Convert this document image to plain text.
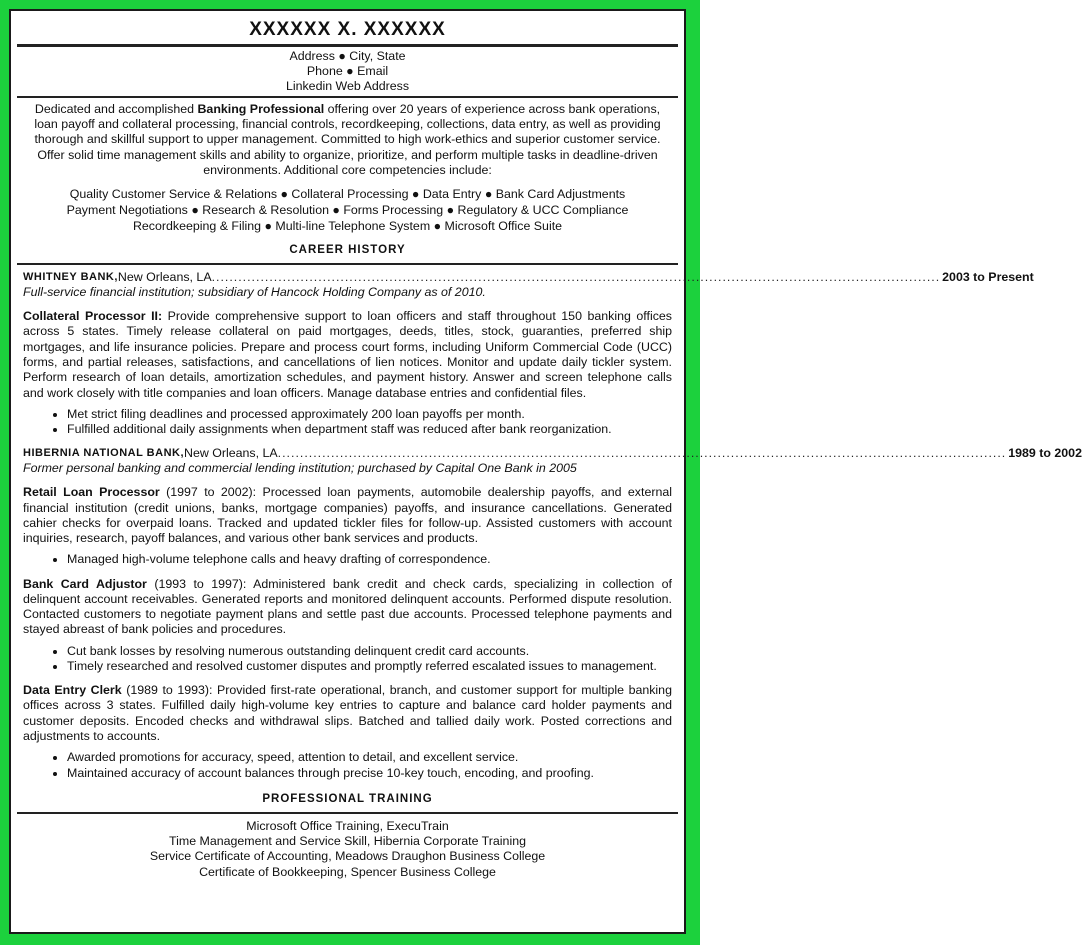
XXXXXX X. XXXXXX
Address ● City, State
Phone ● Email
Linkedin Web Address
Dedicated and accomplished Banking Professional offering over 20 years of experience across bank operations, loan payoff and collateral processing, financial controls, recordkeeping, collections, data entry, as well as providing thorough and skillful support to upper management. Committed to high work-ethics and superior customer service. Offer solid time management skills and ability to organize, prioritize, and perform multiple tasks in deadline-driven environments. Additional core competencies include:
Quality Customer Service & Relations ● Collateral Processing ● Data Entry ● Bank Card Adjustments
Payment Negotiations ● Research & Resolution ● Forms Processing ● Regulatory & UCC Compliance
Recordkeeping & Filing ● Multi-line Telephone System ● Microsoft Office Suite
CAREER HISTORY
WHITNEY BANK, New Orleans, LA .................................................................................................................................................................... 2003 to Present
Full-service financial institution; subsidiary of Hancock Holding Company as of 2010.
Collateral Processor II: Provide comprehensive support to loan officers and staff throughout 150 banking offices across 5 states. Timely release collateral on paid mortgages, deeds, titles, stock, guaranties, preferred ship mortgages, and life insurance policies. Prepare and process court forms, including Uniform Commercial Code (UCC) forms, and partial releases, satisfactions, and cancellations of lien notices. Monitor and update daily tickler system. Perform research of loan details, amortization schedules, and payment history. Answer and screen telephone calls and work closely with title companies and loan officers. Manage database entries and confidential files.
• Met strict filing deadlines and processed approximately 200 loan payoffs per month.
• Fulfilled additional daily assignments when department staff was reduced after bank reorganization.
HIBERNIA NATIONAL BANK, New Orleans, LA .................................................................................................................................................................... 1989 to 2002
Former personal banking and commercial lending institution; purchased by Capital One Bank in 2005
Retail Loan Processor (1997 to 2002): Processed loan payments, automobile dealership payoffs, and external financial institution (credit unions, banks, mortgage companies) payoffs, and insurance cancellations. Generated cahier checks for overpaid loans. Tracked and updated tickler files for follow-up. Assisted customers with account inquiries, research, payoff balances, and various other bank services and products.
• Managed high-volume telephone calls and heavy drafting of correspondence.
Bank Card Adjustor (1993 to 1997): Administered bank credit and check cards, specializing in collection of delinquent account receivables. Generated reports and monitored delinquent accounts. Performed dispute resolution. Contacted customers to negotiate payment plans and settle past due accounts. Processed telephone payments and stayed abreast of bank policies and procedures.
• Cut bank losses by resolving numerous outstanding delinquent credit card accounts.
• Timely researched and resolved customer disputes and promptly referred escalated issues to management.
Data Entry Clerk (1989 to 1993): Provided first-rate operational, branch, and customer support for multiple banking offices across 3 states. Fulfilled daily high-volume key entries to capture and balance card holder payments and customer deposits. Encoded checks and withdrawal slips. Batched and tallied daily work. Posted corrections and adjustments to accounts.
• Awarded promotions for accuracy, speed, attention to detail, and excellent service.
• Maintained accuracy of account balances through precise 10-key touch, encoding, and proofing.
PROFESSIONAL TRAINING
Microsoft Office Training, ExecuTrain
Time Management and Service Skill, Hibernia Corporate Training
Service Certificate of Accounting, Meadows Draughon Business College
Certificate of Bookkeeping, Spencer Business College
